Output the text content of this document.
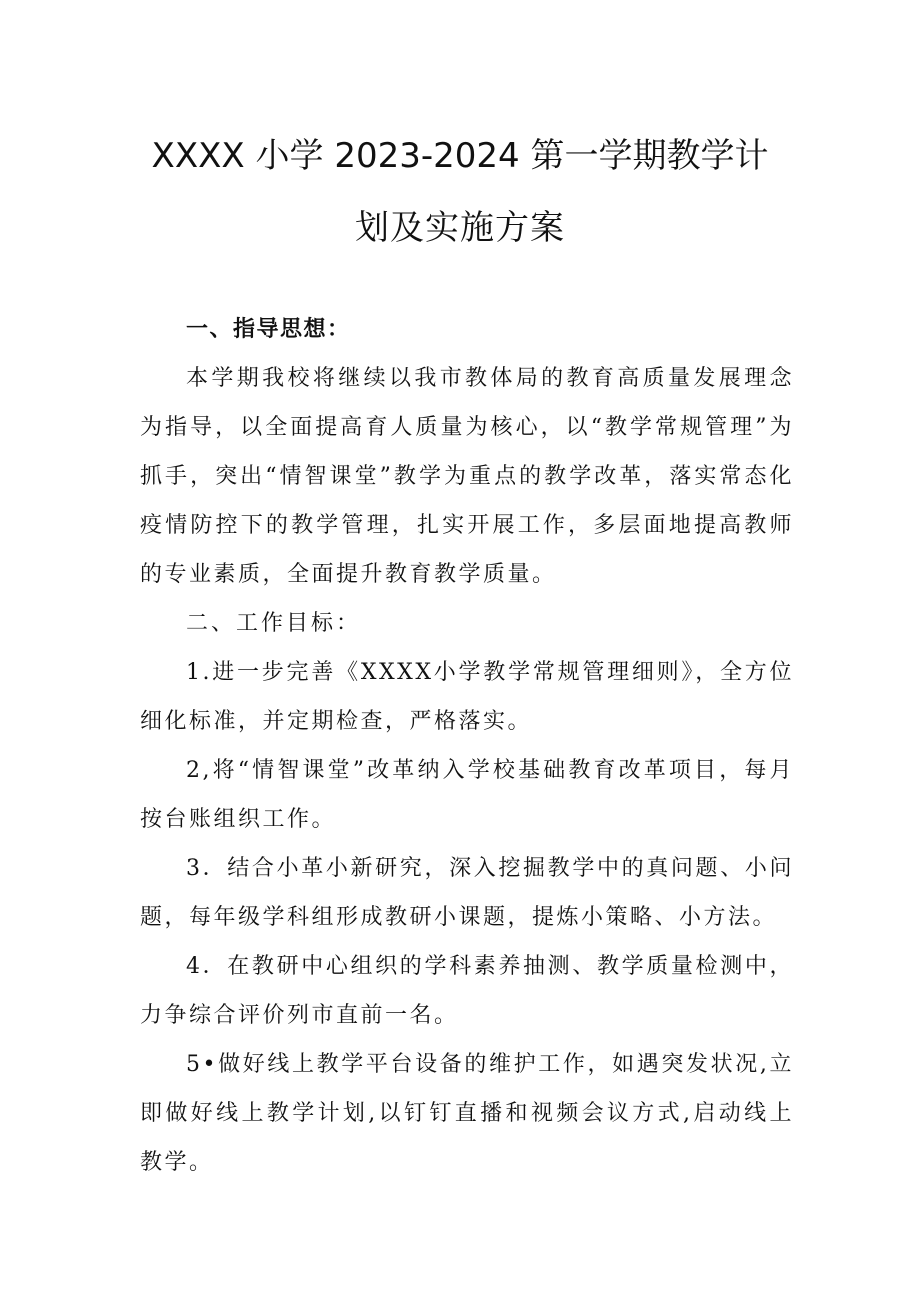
XXXX 小学 2023-2024 第一学期教学计
划及实施方案

一、指导思想：

本学期我校将继续以我市教体局的教育高质量发展理念为指导，以全面提高育人质量为核心，以“教学常规管理”为抓手，突出“情智课堂”教学为重点的教学改革，落实常态化疫情防控下的教学管理，扎实开展工作，多层面地提高教师的专业素质，全面提升教育教学质量。

二、工作目标：

1.进一步完善《XXXX小学教学常规管理细则》，全方位细化标准，并定期检查，严格落实。

2,将“情智课堂”改革纳入学校基础教育改革项目，每月按台账组织工作。

3．结合小革小新研究，深入挖掘教学中的真问题、小问题，每年级学科组形成教研小课题，提炼小策略、小方法。

4．在教研中心组织的学科素养抽测、教学质量检测中，力争综合评价列市直前一名。

5•做好线上教学平台设备的维护工作，如遇突发状况,立即做好线上教学计划,以钉钉直播和视频会议方式,启动线上教学。
